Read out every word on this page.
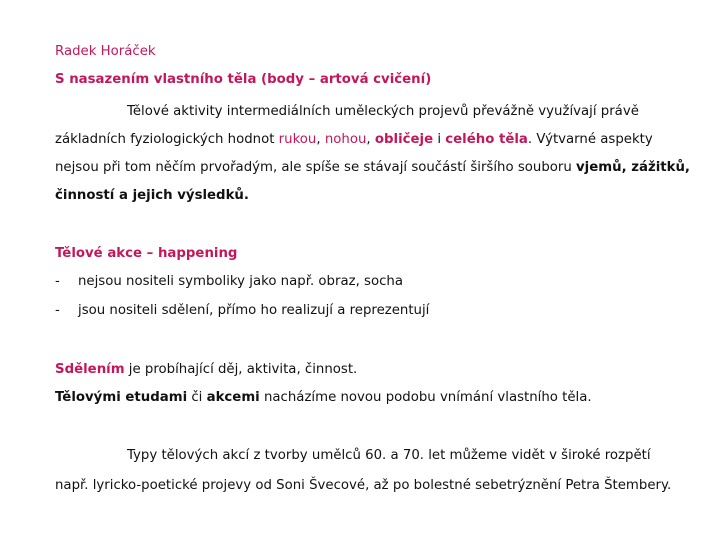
Radek Horáček

S nasazením vlastního těla (body – artová cvičení)

Tělové aktivity intermediálních uměleckých projevů převážně využívají právě

základních fyziologických hodnot rukou, nohou, obličeje i celého těla. Výtvarné aspekty

nejsou při tom něčím prvořadým, ale spíše se stávají součástí širšího souboru vjemů, zážitků,

činností a jejich výsledků.

Tělové akce – happening

- nejsou nositeli symboliky jako např. obraz, socha
- jsou nositeli sdělení, přímo ho realizují a reprezentují

Sdělením je probíhající děj, aktivita, činnost.

Tělovými etudami či akcemi nacházíme novou podobu vnímání vlastního těla.

Typy tělových akcí z tvorby umělců 60. a 70. let můžeme vidět v široké rozpětí

např. lyricko-poetické projevy od Soni Švecové, až po bolestné sebetrýznění Petra Štembery.
